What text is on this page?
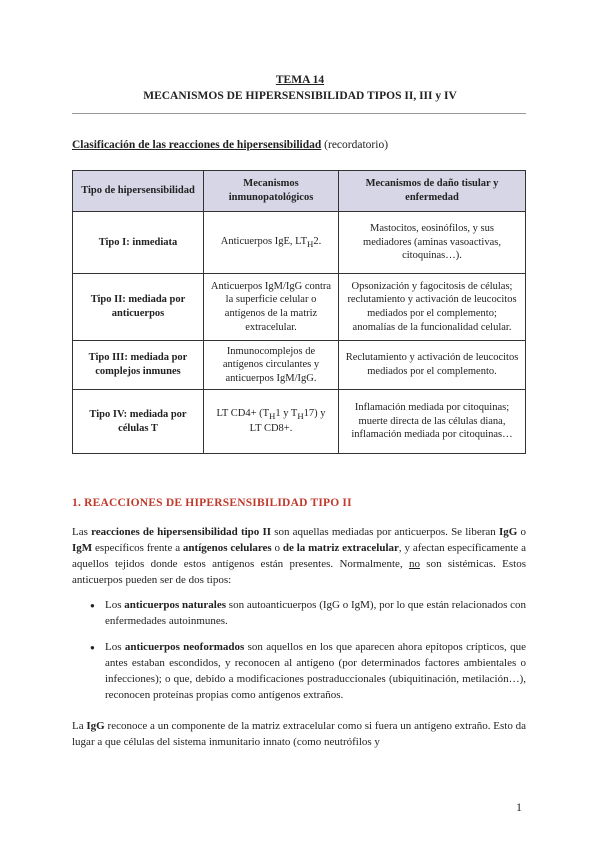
TEMA 14
MECANISMOS DE HIPERSENSIBILIDAD TIPOS II, III y IV
Clasificación de las reacciones de hipersensibilidad (recordatorio)
Tipo de hipersensibilidad	Mecanismos inmunopatológicos	Mecanismos de daño tisular y enfermedad
Tipo I: inmediata	Anticuerpos IgE, $LT_H2$.	Mastocitos, eosinófilos, y sus mediadores (aminas vasoactivas, citoquinas…).
Tipo II: mediada por anticuerpos	Anticuerpos IgM/IgG contra la superficie celular o antígenos de la matriz extracelular.	Opsonización y fagocitosis de células; reclutamiento y activación de leucocitos mediados por el complemento; anomalías de la funcionalidad celular.
Tipo III: mediada por complejos inmunes	Inmunocomplejos de antígenos circulantes y anticuerpos IgM/IgG.	Reclutamiento y activación de leucocitos mediados por el complemento.
Tipo IV: mediada por células T	LT $CD4+ (T_H1$ y $T_H17$) y LT CD8+.	Inflamación mediada por citoquinas; muerte directa de las células diana, inflamación mediada por citoquinas…
1. REACCIONES DE HIPERSENSIBILIDAD TIPO II
Las reacciones de hipersensibilidad tipo II son aquellas mediadas por anticuerpos. Se liberan IgG o IgM específicos frente a antígenos celulares o de la matriz extracelular, y afectan específicamente a aquellos tejidos donde estos antígenos están presentes. Normalmente, no son sistémicas. Estos anticuerpos pueden ser de dos tipos:
● Los anticuerpos naturales son autoanticuerpos (IgG o IgM), por lo que están relacionados con enfermedades autoinmunes.
● Los anticuerpos neoformados son aquellos en los que aparecen ahora epítopos crípticos, que antes estaban escondidos, y reconocen al antígeno (por determinados factores ambientales o infecciones); o que, debido a modificaciones postraduccionales (ubiquitinación, metilación…), reconocen proteínas propias como antígenos extraños.
La IgG reconoce a un componente de la matriz extracelular como si fuera un antígeno extraño. Esto da lugar a que células del sistema inmunitario innato (como neutrófilos y
1
